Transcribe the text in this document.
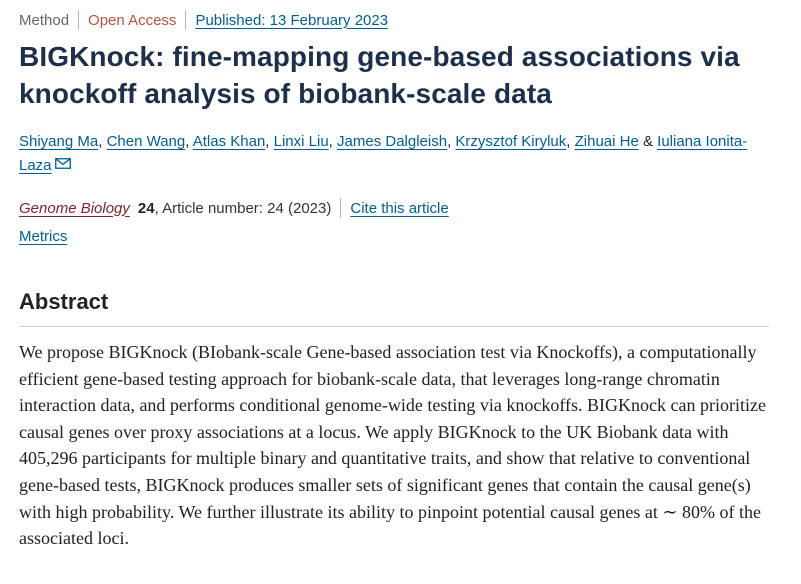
Method Open Access Published: 13 February 2023
BIGKnock: fine-mapping gene-based associations via knockoff analysis of biobank-scale data
Shiyang Ma, Chen Wang, Atlas Khan, Linxi Liu, James Dalgleish, Krzysztof Kiryluk, Zihuai He & Iuliana Ionita-Laza
Genome Biology 24 , Article number: 24 (2023) Cite this article
Metrics
Abstract

We propose BIGKnock (BIobank-scale Gene-based association test via Knockoffs), a computationally efficient gene-based testing approach for biobank-scale data, that leverages long-range chromatin interaction data, and performs conditional genome-wide testing via knockoffs. BIGKnock can prioritize causal genes over proxy associations at a locus. We apply BIGKnock to the UK Biobank data with 405,296 participants for multiple binary and quantitative traits, and show that relative to conventional gene-based tests, BIGKnock produces smaller sets of significant genes that contain the causal gene(s) with high probability. We further illustrate its ability to pinpoint potential causal genes at ∼ 80% of the associated loci.
